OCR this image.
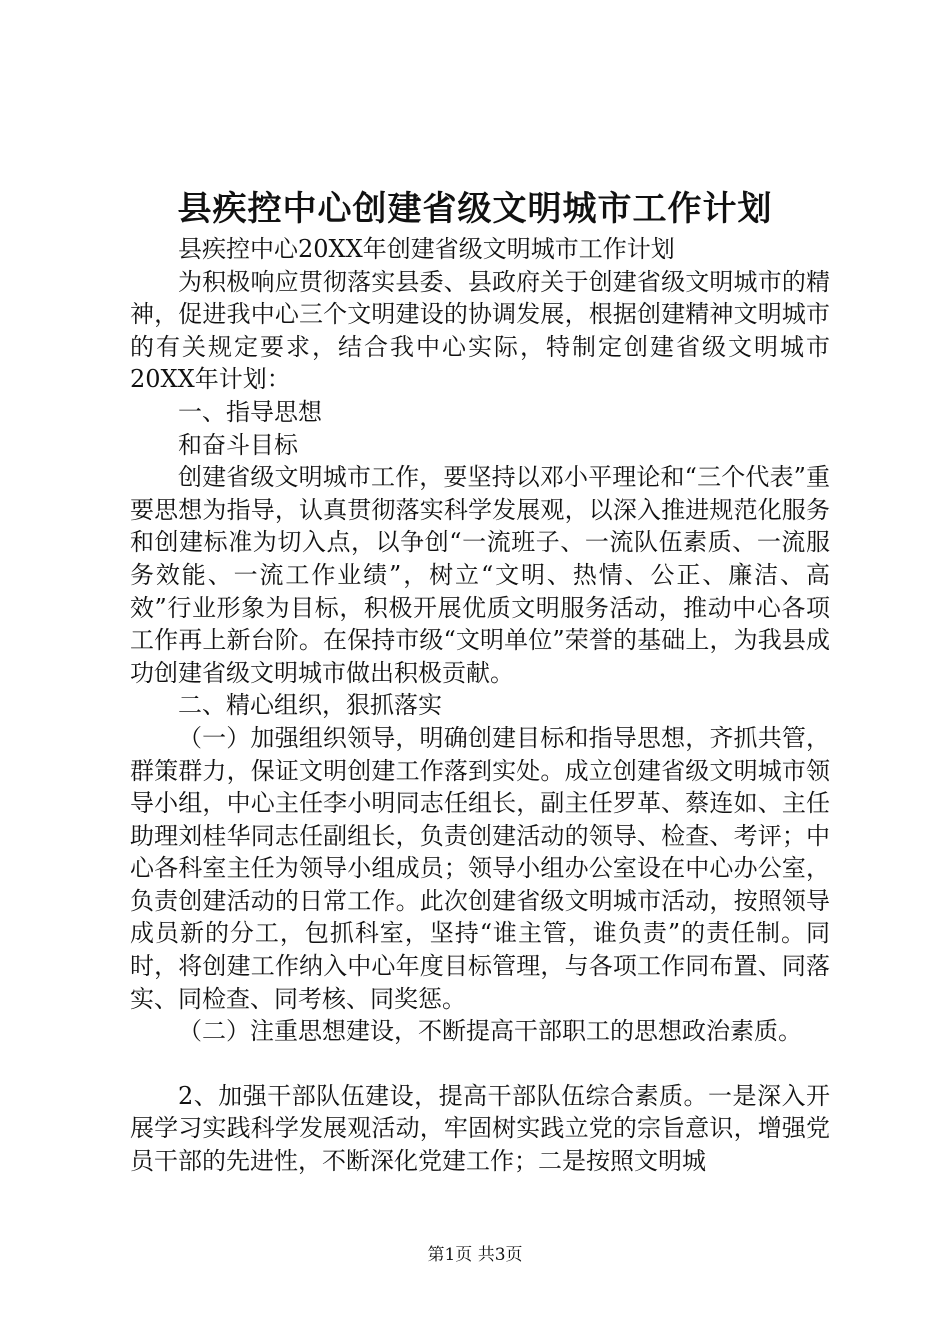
县疾控中心创建省级文明城市工作计划

县疾控中心20XX年创建省级文明城市工作计划

为积极响应贯彻落实县委、县政府关于创建省级文明城市的精神，促进我中心三个文明建设的协调发展，根据创建精神文明城市的有关规定要求，结合我中心实际，特制定创建省级文明城市20XX年计划：

一、指导思想

和奋斗目标

创建省级文明城市工作，要坚持以邓小平理论和“三个代表”重要思想为指导，认真贯彻落实科学发展观，以深入推进规范化服务和创建标准为切入点，以争创“一流班子、一流队伍素质、一流服务效能、一流工作业绩”，树立“文明、热情、公正、廉洁、高效”行业形象为目标，积极开展优质文明服务活动，推动中心各项工作再上新台阶。在保持市级“文明单位”荣誉的基础上，为我县成功创建省级文明城市做出积极贡献。

二、精心组织，狠抓落实

（一）加强组织领导，明确创建目标和指导思想，齐抓共管，群策群力，保证文明创建工作落到实处。成立创建省级文明城市领导小组，中心主任李小明同志任组长，副主任罗革、蔡连如、主任助理刘桂华同志任副组长，负责创建活动的领导、检查、考评；中心各科室主任为领导小组成员；领导小组办公室设在中心办公室，负责创建活动的日常工作。此次创建省级文明城市活动，按照领导成员新的分工，包抓科室，坚持“谁主管，谁负责”的责任制。同时，将创建工作纳入中心年度目标管理，与各项工作同布置、同落实、同检查、同考核、同奖惩。

（二）注重思想建设，不断提高干部职工的思想政治素质。

2、加强干部队伍建设，提高干部队伍综合素质。一是深入开展学习实践科学发展观活动，牢固树实践立党的宗旨意识，增强党员干部的先进性，不断深化党建工作；二是按照文明城

第1页 共3页
